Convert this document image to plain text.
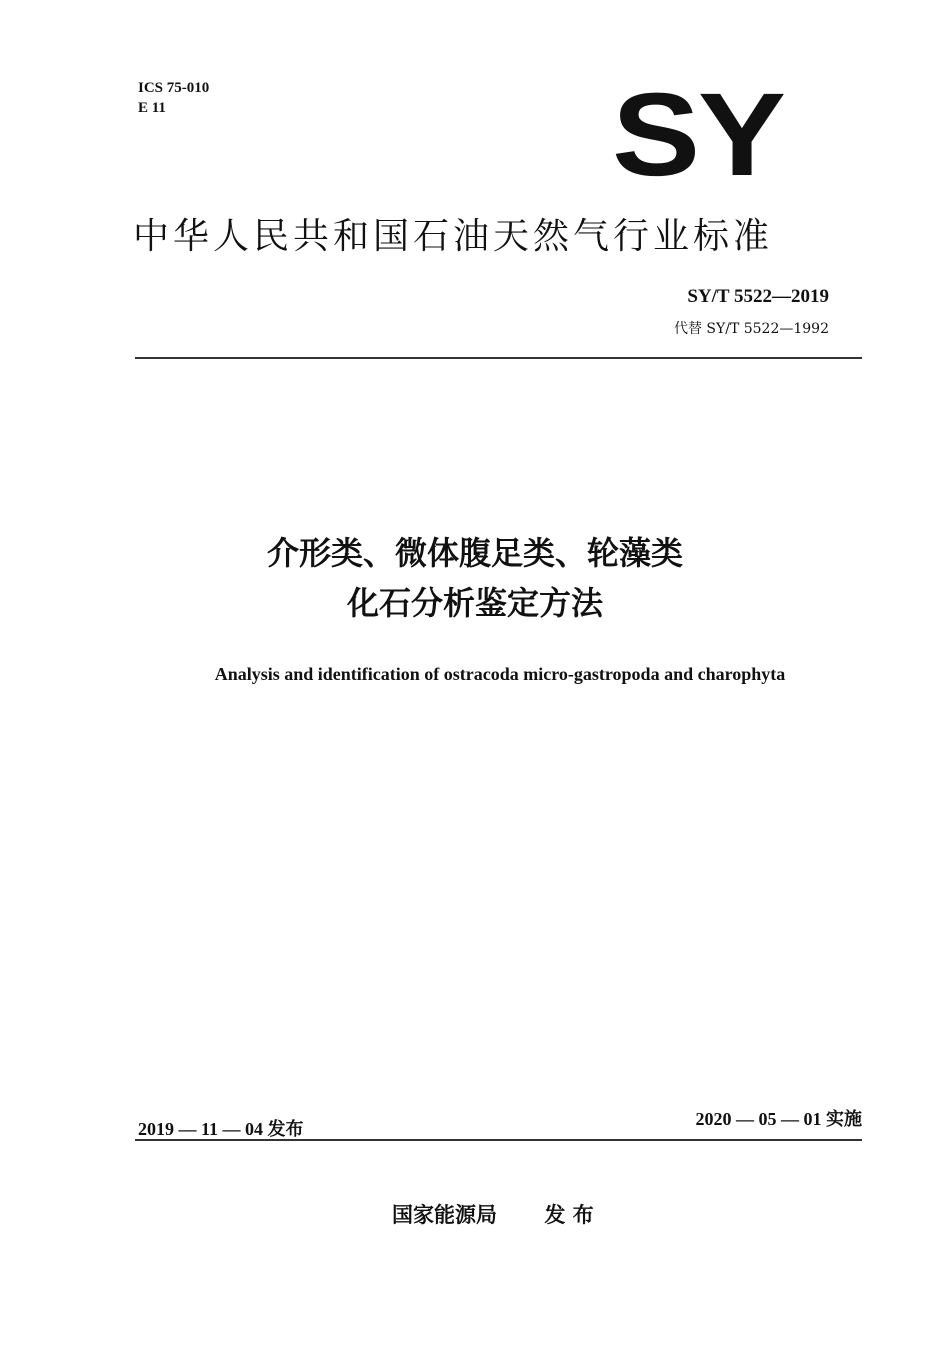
ICS 75-010
E 11	SY
中华人民共和国石油天然气行业标准
SY/T 5522—2019
代替 SY/T 5522—1992
介形类、微体腹足类、轮藻类
化石分析鉴定方法
Analysis and identification of ostracoda micro-gastropoda and charophyta
2019 — 11 — 04 发布	2020 — 05 — 01 实施
国家能源局 发 布
